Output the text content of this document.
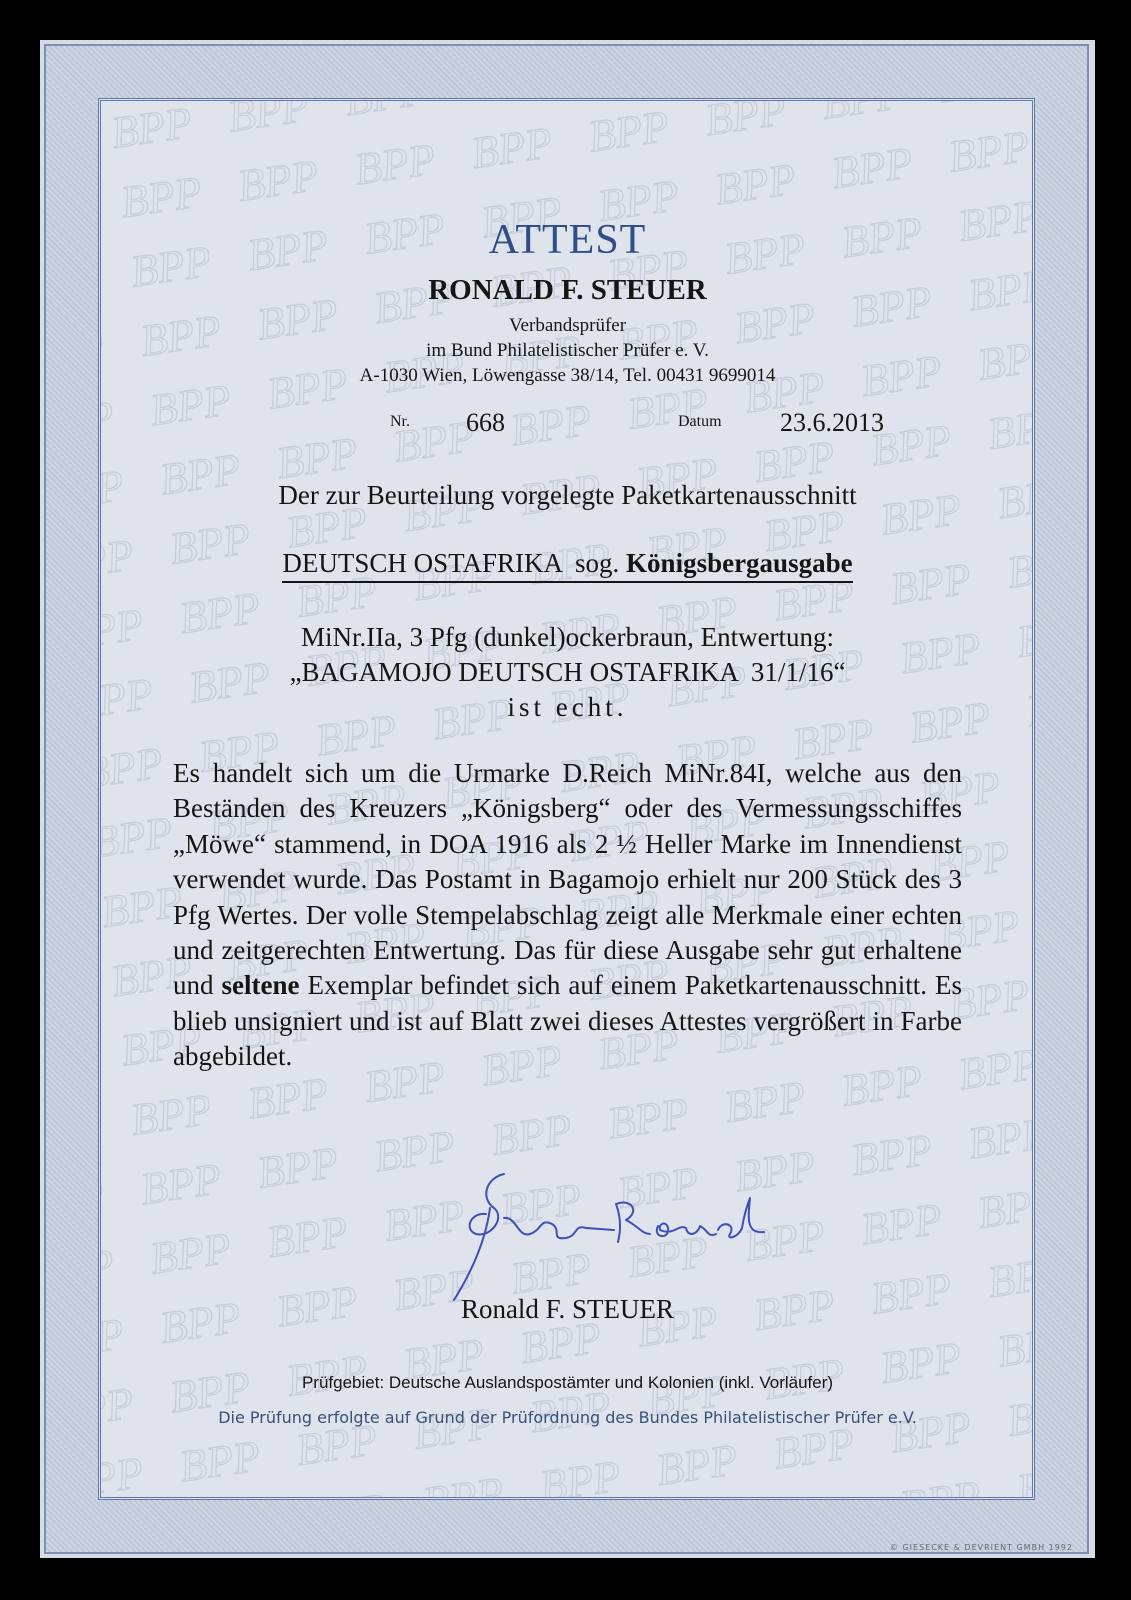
ATTEST
RONALD F. STEUER
Verbandsprüfer
im Bund Philatelistischer Prüfer e. V.
A-1030 Wien, Löwengasse 38/14, Tel. 00431 9699014
Nr. 668	Datum 23.6.2013
Der zur Beurteilung vorgelegte Paketkartenausschnitt
DEUTSCH OSTAFRIKA  sog. Königsbergausgabe
MiNr.IIa, 3 Pfg (dunkel)ockerbraun, Entwertung:
„BAGAMOJO DEUTSCH OSTAFRIKA  31/1/16“
ist echt.

Es handelt sich um die Urmarke D.Reich MiNr.84I, welche aus den Beständen des Kreuzers „Königsberg“ oder des Vermessungsschiffes „Möwe“ stammend, in DOA 1916 als 2 ½ Heller Marke im Innendienst verwendet wurde. Das Postamt in Bagamojo erhielt nur 200 Stück des 3 Pfg Wertes. Der volle Stempelabschlag zeigt alle Merkmale einer echten und zeitgerechten Entwertung. Das für diese Ausgabe sehr gut erhaltene und seltene Exemplar befindet sich auf einem Paketkartenausschnitt. Es blieb unsigniert und ist auf Blatt zwei dieses Attestes vergrößert in Farbe abgebildet.

Ronald F. STEUER
Prüfgebiet: Deutsche Auslandspostämter und Kolonien (inkl. Vorläufer)
Die Prüfung erfolgte auf Grund der Prüfordnung des Bundes Philatelistischer Prüfer e.V.
© GIESECKE & DEVRIENT GMBH 1992
